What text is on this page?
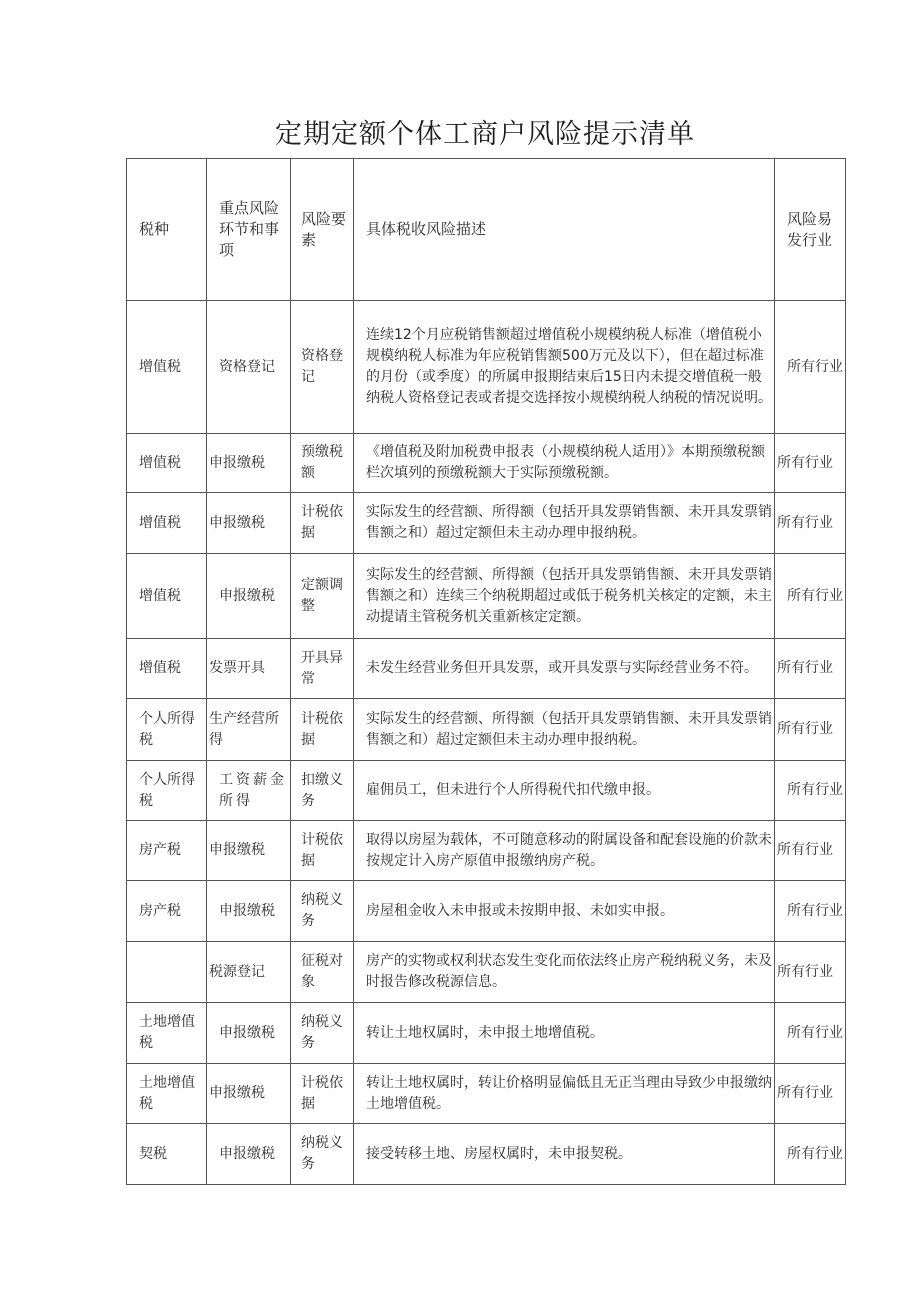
定期定额个体工商户风险提示清单
税种	重点风险环节和事项	风险要素	具体税收风险描述	风险易发行业
增值税	资格登记	资格登记	连续12个月应税销售额超过增值税小规模纳税人标准（增值税小规模纳税人标准为年应税销售额500万元及以下），但在超过标准的月份（或季度）的所属申报期结束后15日内未提交增值税一般纳税人资格登记表或者提交选择按小规模纳税人纳税的情况说明。	所有行业
增值税	申报缴税	预缴税额	《增值税及附加税费申报表（小规模纳税人适用）》本期预缴税额栏次填列的预缴税额大于实际预缴税额。	所有行业
增值税	申报缴税	计税依据	实际发生的经营额、所得额（包括开具发票销售额、未开具发票销售额之和）超过定额但未主动办理申报纳税。	所有行业
增值税	申报缴税	定额调整	实际发生的经营额、所得额（包括开具发票销售额、未开具发票销售额之和）连续三个纳税期超过或低于税务机关核定的定额，未主动提请主管税务机关重新核定定额。	所有行业
增值税	发票开具	开具异常	未发生经营业务但开具发票，或开具发票与实际经营业务不符。	所有行业
个人所得税	生产经营所得	计税依据	实际发生的经营额、所得额（包括开具发票销售额、未开具发票销售额之和）超过定额但未主动办理申报纳税。	所有行业
个人所得税	工资薪金所得	扣缴义务	雇佣员工，但未进行个人所得税代扣代缴申报。	所有行业
房产税	申报缴税	计税依据	取得以房屋为载体，不可随意移动的附属设备和配套设施的价款未按规定计入房产原值申报缴纳房产税。	所有行业
房产税	申报缴税	纳税义务	房屋租金收入未申报或未按期申报、未如实申报。	所有行业
	税源登记	征税对象	房产的实物或权利状态发生变化而依法终止房产税纳税义务，未及时报告修改税源信息。	所有行业
土地增值税	申报缴税	纳税义务	转让土地权属时，未申报土地增值税。	所有行业
土地增值税	申报缴税	计税依据	转让土地权属时，转让价格明显偏低且无正当理由导致少申报缴纳土地增值税。	所有行业
契税	申报缴税	纳税义务	接受转移土地、房屋权属时，未申报契税。	所有行业
